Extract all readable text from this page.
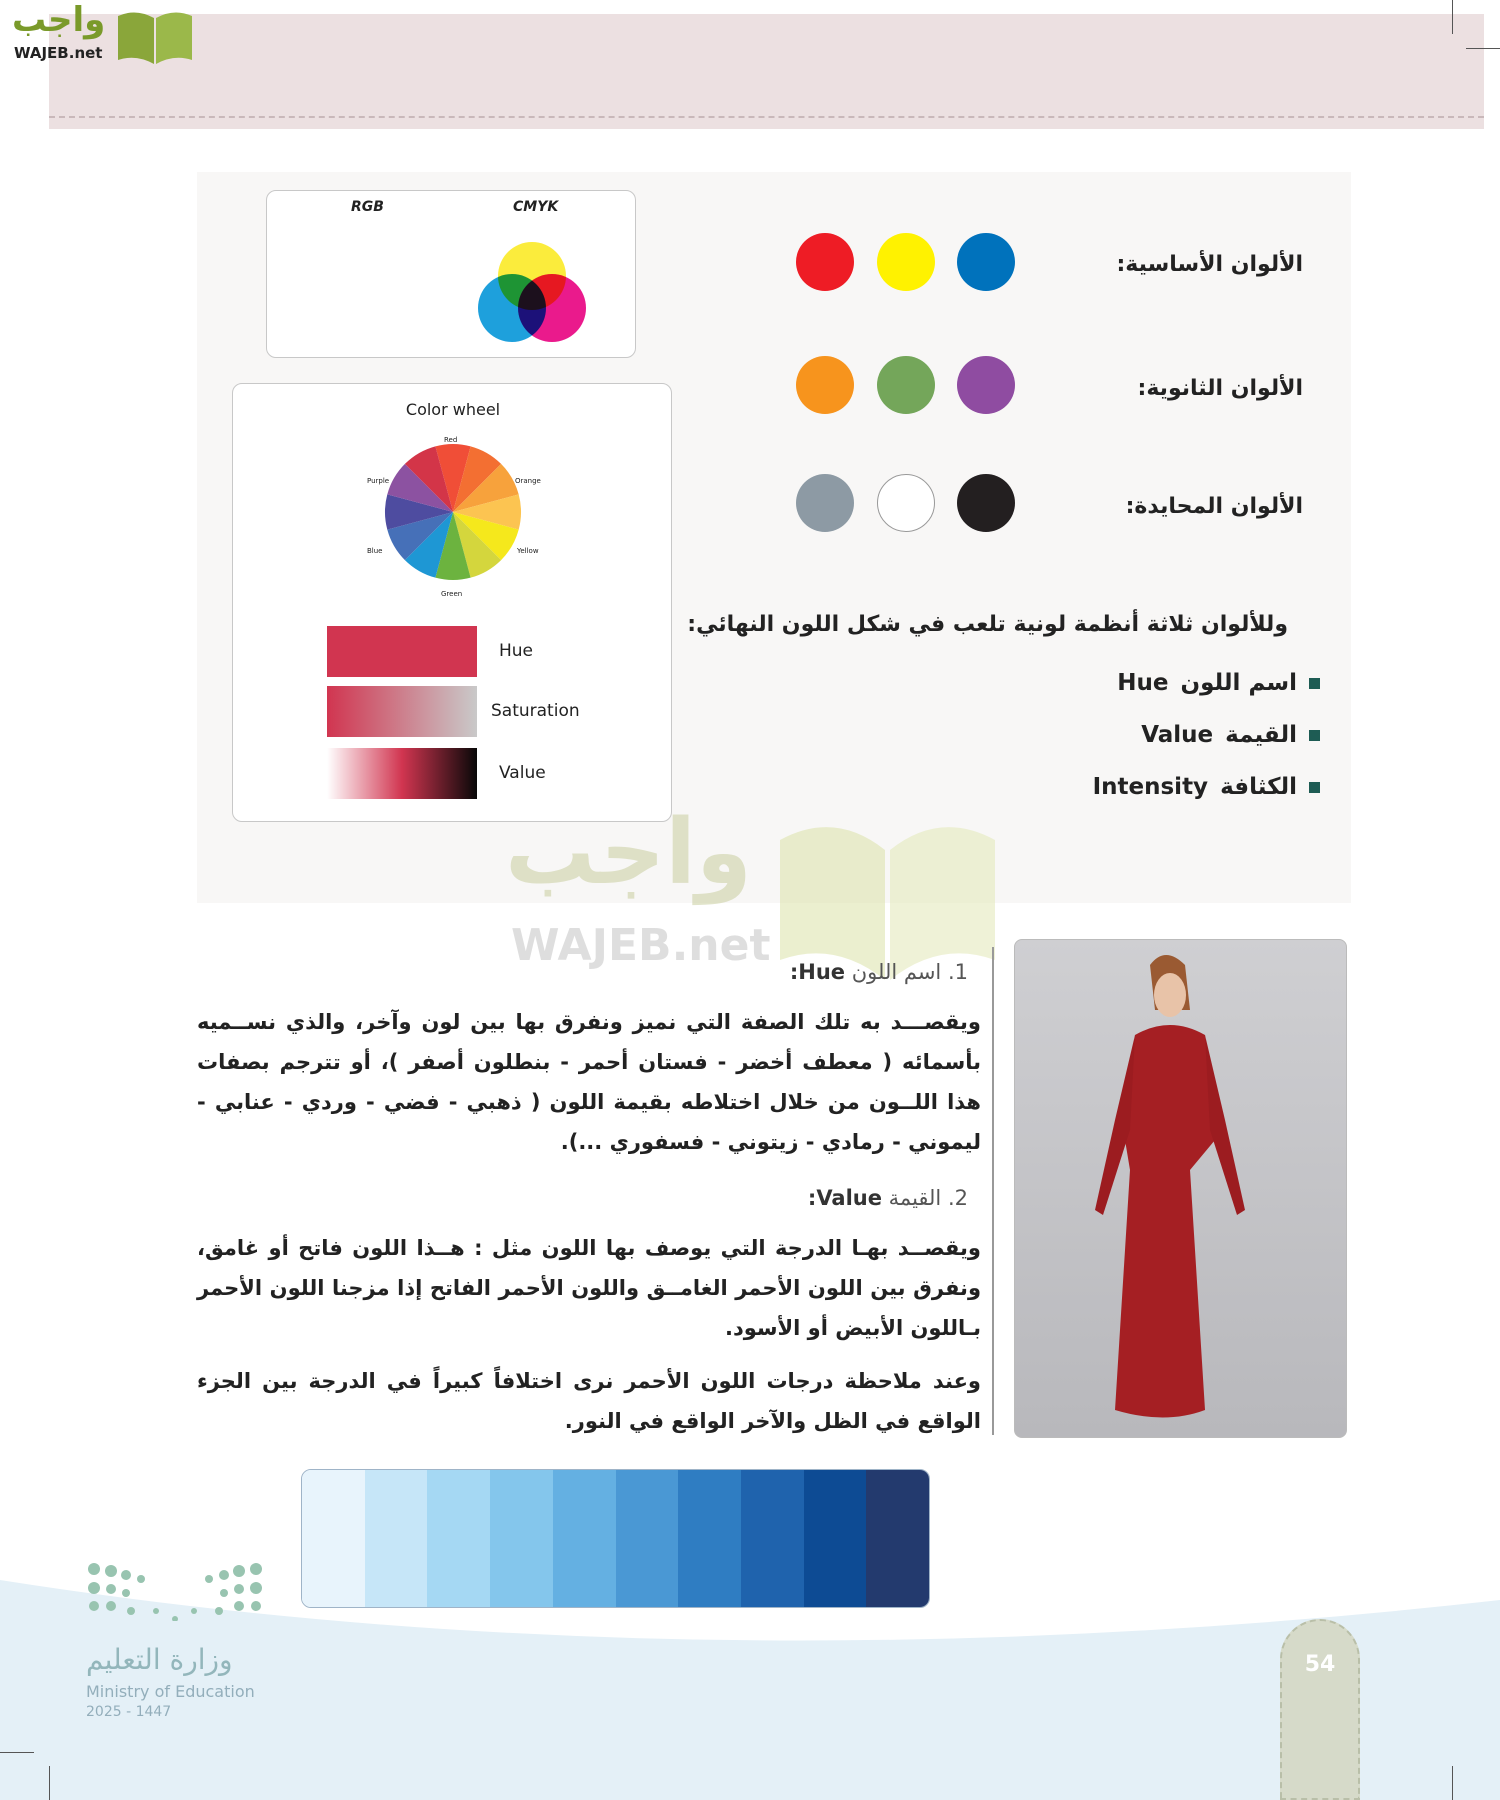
واجب
WAJEB.net
RGB	CMYK
Color wheel
Red
Orange
Yellow
Green
Blue
Purple
Hue
Saturation
Value
الألوان الأساسية:
الألوان الثانوية:
الألوان المحايدة:
وللألوان ثلاثة أنظمة لونية تلعب في شكل اللون النهائي:
اسم اللون
Hue
القيمة
Value
الكثافة
Intensity
واجب
WAJEB.net
1. اسم اللون Hue:
ويقصـــد به تلك الصفة التي نميز ونفرق بها بين لون وآخر، والذي نســميه بأسمائه ( معطف أخضر - فستان أحمر - بنطلون أصفر )، أو تترجم بصفات هذا اللــون من خلال اختلاطه بقيمة اللون ( ذهبي - فضي - وردي - عنابي - ليموني - رمادي - زيتوني - فسفوري ...).
2. القيمة Value:
ويقصــد بهـا الدرجة التي يوصف بها اللون مثل : هــذا اللون فاتح أو غامق، ونفرق بين اللون الأحمر الغامــق واللون الأحمر الفاتح إذا مزجنا اللون الأحمر بـاللون الأبيض أو الأسود.
وعند ملاحظة درجات اللون الأحمر نرى اختلافاً كبيراً في الدرجة بين الجزء الواقع في الظل والآخر الواقع في النور.
وزارة التعليم
Ministry of Education
2025 - 1447
54
